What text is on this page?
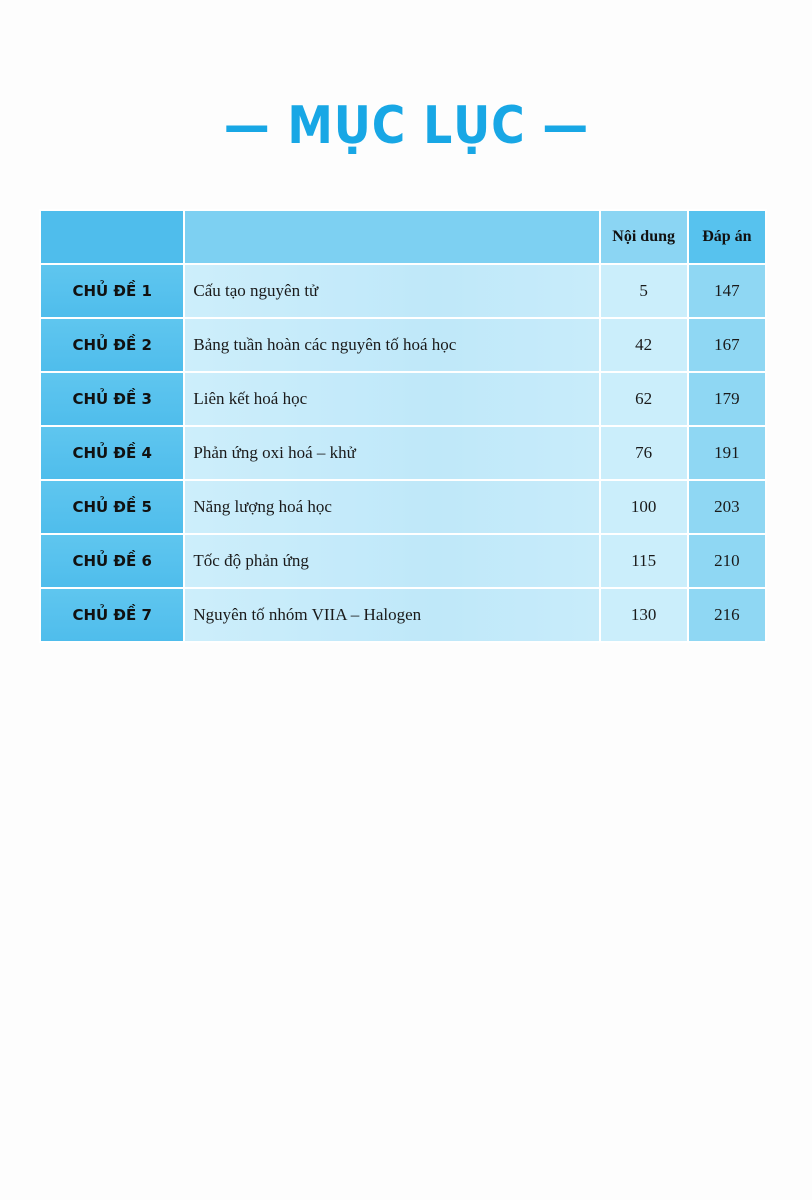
— MỤC LỤC —
		Nội dung	Đáp án
CHỦ ĐỀ 1	Cấu tạo nguyên tử	5	147
CHỦ ĐỀ 2	Bảng tuần hoàn các nguyên tố hoá học	42	167
CHỦ ĐỀ 3	Liên kết hoá học	62	179
CHỦ ĐỀ 4	Phản ứng oxi hoá – khử	76	191
CHỦ ĐỀ 5	Năng lượng hoá học	100	203
CHỦ ĐỀ 6	Tốc độ phản ứng	115	210
CHỦ ĐỀ 7	Nguyên tố nhóm VIIA – Halogen	130	216
